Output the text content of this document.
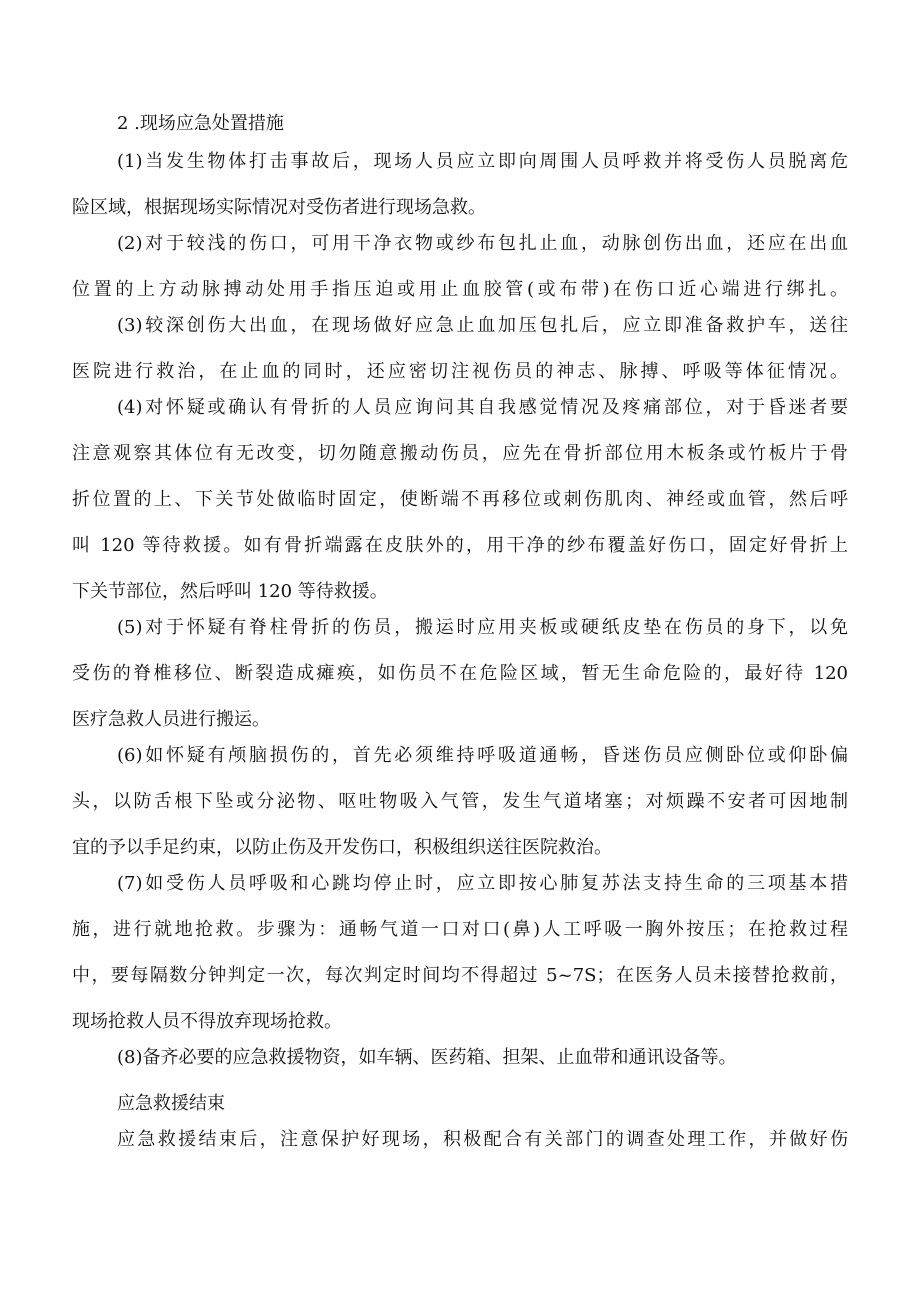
2 .现场应急处置措施
(1)当发生物体打击事故后，现场人员应立即向周围人员呼救并将受伤人员脱离危
险区域，根据现场实际情况对受伤者进行现场急救。
(2)对于较浅的伤口，可用干净衣物或纱布包扎止血，动脉创伤出血，还应在出血
位置的上方动脉搏动处用手指压迫或用止血胶管(或布带)在伤口近心端进行绑扎。
(3)较深创伤大出血，在现场做好应急止血加压包扎后，应立即准备救护车，送往
医院进行救治，在止血的同时，还应密切注视伤员的神志、脉搏、呼吸等体征情况。
(4)对怀疑或确认有骨折的人员应询问其自我感觉情况及疼痛部位，对于昏迷者要
注意观察其体位有无改变，切勿随意搬动伤员，应先在骨折部位用木板条或竹板片于骨
折位置的上、下关节处做临时固定，使断端不再移位或刺伤肌肉、神经或血管，然后呼
叫 120 等待救援。如有骨折端露在皮肤外的，用干净的纱布覆盖好伤口，固定好骨折上
下关节部位，然后呼叫 120 等待救援。
(5)对于怀疑有脊柱骨折的伤员，搬运时应用夹板或硬纸皮垫在伤员的身下，以免
受伤的脊椎移位、断裂造成瘫痪，如伤员不在危险区域，暂无生命危险的，最好待 120
医疗急救人员进行搬运。
(6)如怀疑有颅脑损伤的，首先必须维持呼吸道通畅，昏迷伤员应侧卧位或仰卧偏
头，以防舌根下坠或分泌物、呕吐物吸入气管，发生气道堵塞；对烦躁不安者可因地制
宜的予以手足约束，以防止伤及开发伤口，积极组织送往医院救治。
(7)如受伤人员呼吸和心跳均停止时，应立即按心肺复苏法支持生命的三项基本措
施，进行就地抢救。步骤为：通畅气道一口对口(鼻)人工呼吸一胸外按压；在抢救过程
中，要每隔数分钟判定一次，每次判定时间均不得超过 5~7S；在医务人员未接替抢救前，
现场抢救人员不得放弃现场抢救。
(8)备齐必要的应急救援物资，如车辆、医药箱、担架、止血带和通讯设备等。
应急救援结束
应急救援结束后，注意保护好现场，积极配合有关部门的调查处理工作，并做好伤
